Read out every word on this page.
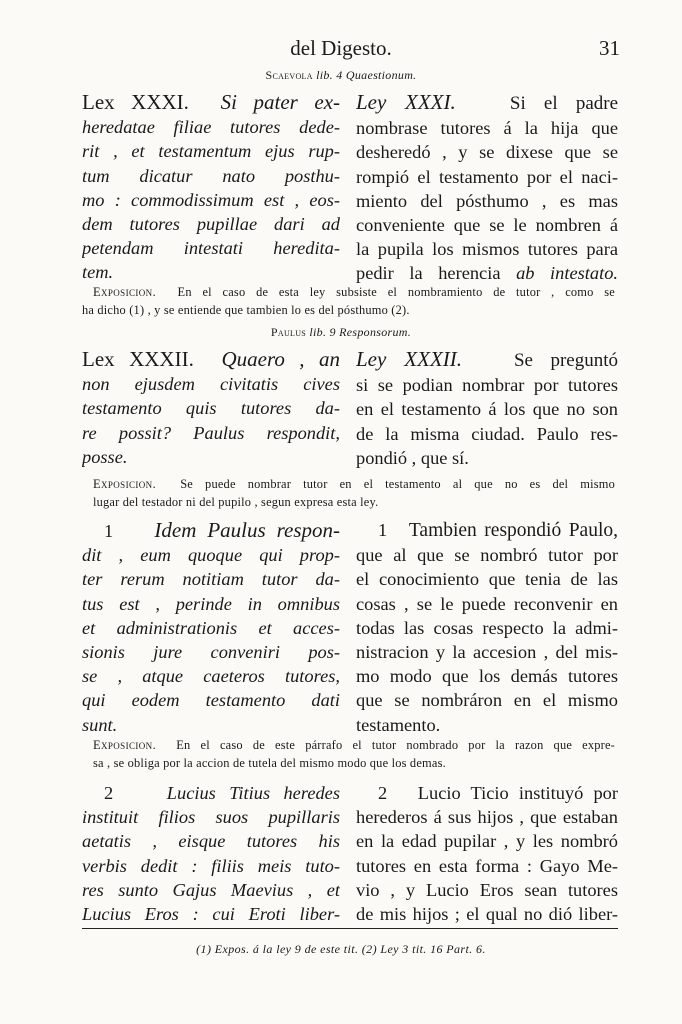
del Digesto.	31
Scaevola lib. 4 Quaestionum.
Lex XXXI. Si pater ex-
heredatae filiae tutores dede-
rit , et testamentum ejus rup-
tum dicatur nato posthu-
mo : commodissimum est , eos-
dem tutores pupillae dari ad
petendam intestati heredita-
tem.
Ley XXXI.	Si el padre
nombrase tutores á la hija que
desheredó , y se dixese que se
rompió el testamento por el naci-
miento del pósthumo , es mas
conveniente que se le nombren á
la pupila los mismos tutores para
pedir la herencia ab intestato.
Exposicion. En el caso de esta ley subsiste el nombramiento de tutor , como se
ha dicho (1) , y se entiende que tambien lo es del pósthumo (2).
Paulus lib. 9 Responsorum.
Lex XXXII. Quaero , an
non ejusdem civitatis cives
testamento quis tutores da-
re possit? Paulus respondit,
posse.
Ley XXXII.	Se preguntó
si se podian nombrar por tutores
en el testamento á los que no son
de la misma ciudad. Paulo res-
pondió , que sí.
Exposicion. Se puede nombrar tutor en el testamento al que no es del mismo
lugar del testador ni del pupilo , segun expresa esta ley.
1 Idem Paulus respon-
dit , eum quoque qui prop-
ter rerum notitiam tutor da-
tus est , perinde in omnibus
et administrationis et acces-
sionis jure conveniri pos-
se , atque caeteros tutores,
qui eodem testamento dati
sunt.
1 Tambien respondió Paulo,
que al que se nombró tutor por
el conocimiento que tenia de las
cosas , se le puede reconvenir en
todas las cosas respecto la admi-
nistracion y la accesion , del mis-
mo modo que los demás tutores
que se nombráron en el mismo
testamento.
Exposicion. En el caso de este párrafo el tutor nombrado por la razon que expre-
sa , se obliga por la accion de tutela del mismo modo que los demas.
2	Lucius Titius heredes
instituit filios suos pupillaris
aetatis , eisque tutores his
verbis dedit : filiis meis tuto-
res sunto Gajus Maevius , et
Lucius Eros : cui Eroti liber-
2 Lucio Ticio instituyó por
herederos á sus hijos , que estaban
en la edad pupilar , y les nombró
tutores en esta forma : Gayo Me-
vio , y Lucio Eros sean tutores
de mis hijos ; el qual no dió liber-
(1) Expos. á la ley 9 de este tit. (2) Ley 3 tit. 16 Part. 6.
